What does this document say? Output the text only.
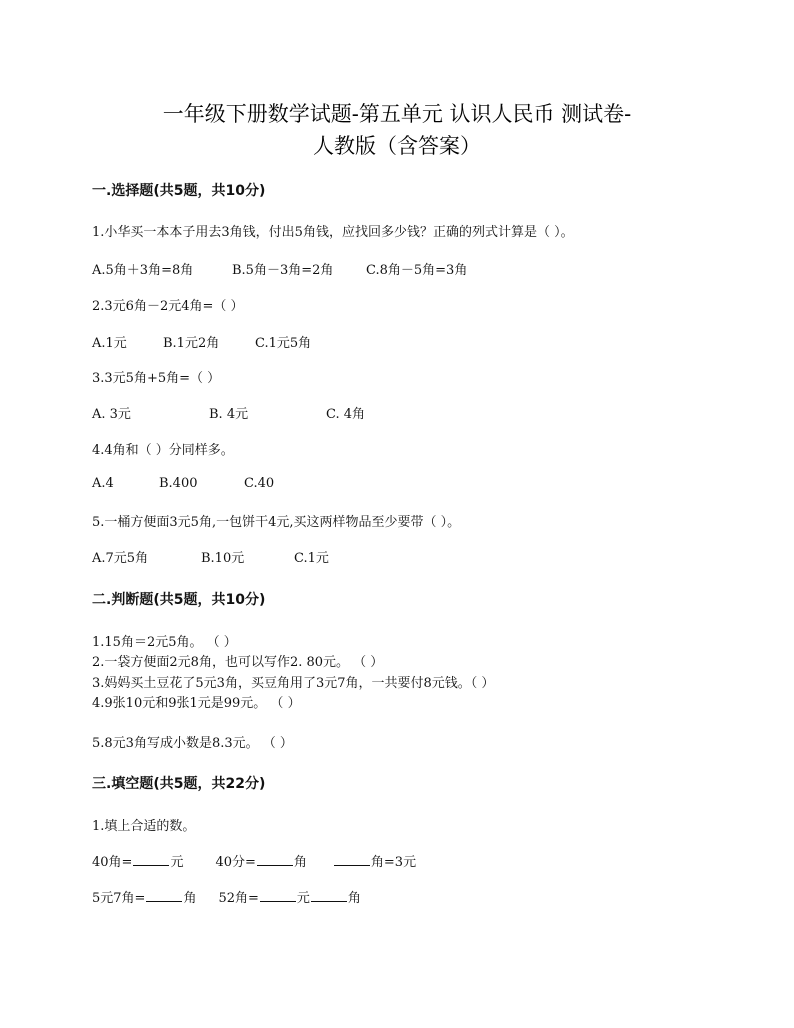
一年级下册数学试题-第五单元 认识人民币 测试卷-
人教版（含答案）
一.选择题(共5题，共10分)
1.小华买一本本子用去3角钱，付出5角钱，应找回多少钱？正确的列式计算是（ ）。
A.5角＋3角=8角	B.5角－3角=2角	C.8角－5角=3角
2.3元6角－2元4角=（ ）
A.1元	B.1元2角	C.1元5角
3.3元5角+5角=（ ）
A. 3元	B. 4元	C. 4角
4.4角和（ ）分同样多。
A.4	B.400	C.40
5.一桶方便面3元5角,一包饼干4元,买这两样物品至少要带（ ）。
A.7元5角	B.10元	C.1元
二.判断题(共5题，共10分)
1.15角＝2元5角。 （ ）
2.一袋方便面2元8角，也可以写作2. 80元。 （ ）
3.妈妈买土豆花了5元3角，买豆角用了3元7角，一共要付8元钱。（ ）
4.9张10元和9张1元是99元。 （ ）
5.8元3角写成小数是8.3元。 （ ）
三.填空题(共5题，共22分)
1.填上合适的数。
40角=	元 40分=	角	角=3元
5元7角=	角 52角=	元	角
